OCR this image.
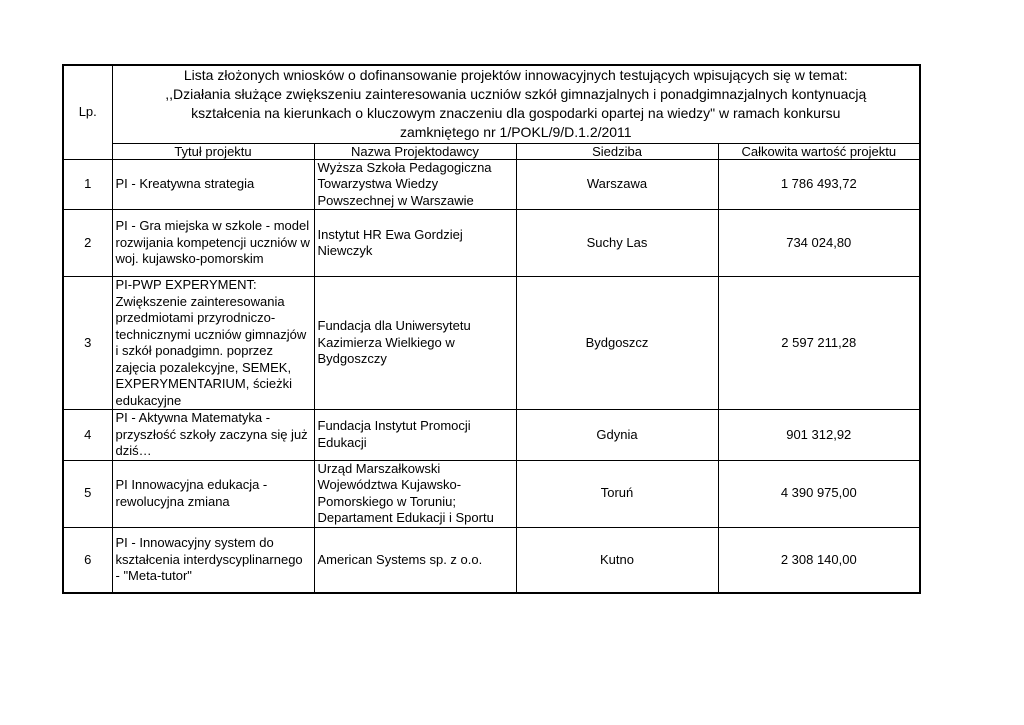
Lp.	Lista złożonych wniosków o dofinansowanie projektów innowacyjnych testujących wpisujących się w temat:
,,Działania służące zwiększeniu zainteresowania uczniów szkół gimnazjalnych i ponadgimnazjalnych kontynuacją
kształcenia na kierunkach o kluczowym znaczeniu dla gospodarki opartej na wiedzy" w ramach konkursu
zamkniętego nr 1/POKL/9/D.1.2/2011			

	Tytuł projektu	Nazwa Projektodawcy	Siedziba	Całkowita wartość projektu
1	PI - Kreatywna strategia	Wyższa Szkoła Pedagogiczna Towarzystwa Wiedzy Powszechnej w Warszawie	Warszawa	1 786 493,72
2	PI - Gra miejska w szkole - model rozwijania kompetencji uczniów w woj. kujawsko-pomorskim	Instytut HR Ewa Gordziej Niewczyk	Suchy Las	734 024,80
3	PI-PWP EXPERYMENT: Zwiększenie zainteresowania przedmiotami przyrodniczo-technicznymi uczniów gimnazjów i szkół ponadgimn. poprzez zajęcia pozalekcyjne, SEMEK, EXPERYMENTARIUM, ścieżki edukacyjne	Fundacja dla Uniwersytetu Kazimierza Wielkiego w Bydgoszczy	Bydgoszcz	2 597 211,28
4	PI - Aktywna Matematyka - przyszłość szkoły zaczyna się już dziś…	Fundacja Instytut Promocji Edukacji	Gdynia	901 312,92
5	PI Innowacyjna edukacja - rewolucyjna zmiana	Urząd Marszałkowski Województwa Kujawsko-Pomorskiego w Toruniu; Departament Edukacji i Sportu	Toruń	4 390 975,00
6	PI - Innowacyjny system do kształcenia interdyscyplinarnego - "Meta-tutor"	American Systems sp. z o.o.	Kutno	2 308 140,00
